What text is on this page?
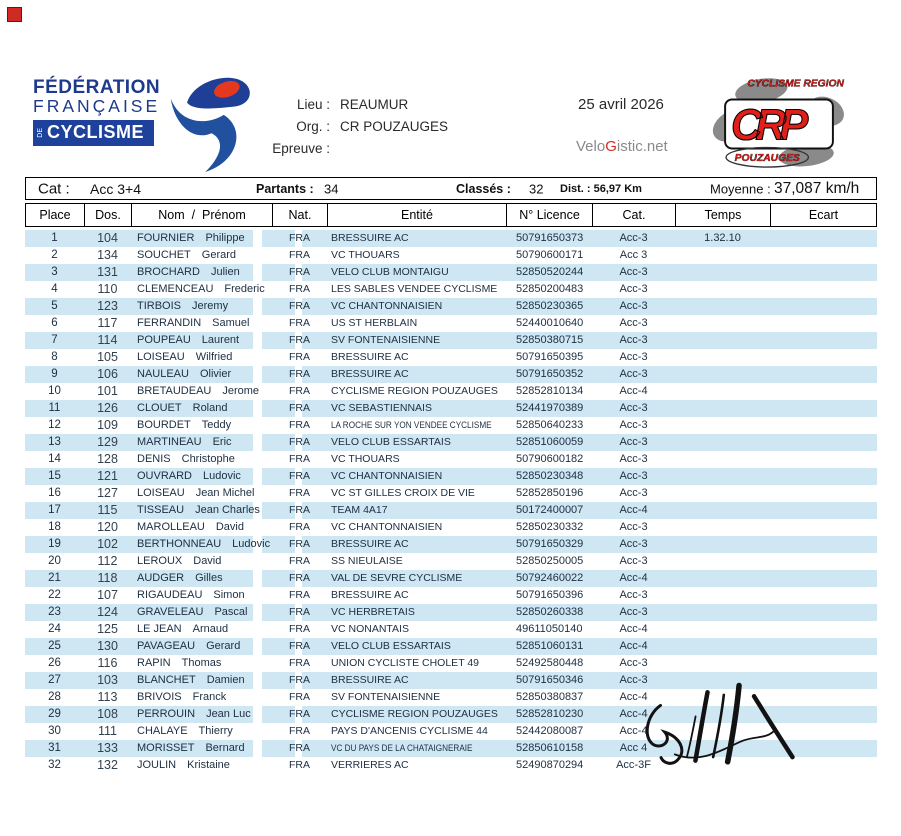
FÉDÉRATION
FRANÇAISE
DE CYCLISME
Lieu : REAUMUR
Org. : CR POUZAUGES
Epreuve :
25 avril 2026
VeloGistic.net CRP
CYCLISME REGION
POUZAUGES
Cat : Acc 3+4	Partants : 34	Classés : 32 Dist. : 56,97 Km	Moyenne : 37,087 km/h
Place	Dos.	Nom  /  Prénom	Nat.	Entité	N° Licence	Cat.	Temps	Ecart
1	104	FOURNIER Philippe	FRA	BRESSUIRE AC	50791650373	Acc-3	1.32.10
2	134	SOUCHET Gerard	FRA	VC THOUARS	50790600171	Acc 3
3	131	BROCHARD Julien	FRA	VELO CLUB MONTAIGU	52850520244	Acc-3
4	110	CLEMENCEAU Frederic	FRA	LES SABLES VENDEE CYCLISME	52850200483	Acc-3
5	123	TIRBOIS Jeremy	FRA	VC CHANTONNAISIEN	52850230365	Acc-3
6	117	FERRANDIN Samuel	FRA	US ST HERBLAIN	52440010640	Acc-3
7	114	POUPEAU Laurent	FRA	SV FONTENAISIENNE	52850380715	Acc-3
8	105	LOISEAU Wilfried	FRA	BRESSUIRE AC	50791650395	Acc-3
9	106	NAULEAU Olivier	FRA	BRESSUIRE AC	50791650352	Acc-3
10	101	BRETAUDEAU Jerome	FRA	CYCLISME REGION POUZAUGES	52852810134	Acc-4
11	126	CLOUET Roland	FRA	VC SEBASTIENNAIS	52441970389	Acc-3
12	109	BOURDET Teddy	FRA	LA ROCHE SUR YON VENDEE CYCLISME	52850640233	Acc-3
13	129	MARTINEAU Eric	FRA	VELO CLUB ESSARTAIS	52851060059	Acc-3
14	128	DENIS Christophe	FRA	VC THOUARS	50790600182	Acc-3
15	121	OUVRARD Ludovic	FRA	VC CHANTONNAISIEN	52850230348	Acc-3
16	127	LOISEAU Jean Michel	FRA	VC ST GILLES CROIX DE VIE	52852850196	Acc-3
17	115	TISSEAU Jean Charles	FRA	TEAM 4A17	50172400007	Acc-4
18	120	MAROLLEAU David	FRA	VC CHANTONNAISIEN	52850230332	Acc-3
19	102	BERTHONNEAU Ludovic	FRA	BRESSUIRE AC	50791650329	Acc-3
20	112	LEROUX David	FRA	SS NIEULAISE	52850250005	Acc-3
21	118	AUDGER Gilles	FRA	VAL DE SEVRE CYCLISME	50792460022	Acc-4
22	107	RIGAUDEAU Simon	FRA	BRESSUIRE AC	50791650396	Acc-3
23	124	GRAVELEAU Pascal	FRA	VC HERBRETAIS	52850260338	Acc-3
24	125	LE JEAN Arnaud	FRA	VC NONANTAIS	49611050140	Acc-4
25	130	PAVAGEAU Gerard	FRA	VELO CLUB ESSARTAIS	52851060131	Acc-4
26	116	RAPIN Thomas	FRA	UNION CYCLISTE CHOLET 49	52492580448	Acc-3
27	103	BLANCHET Damien	FRA	BRESSUIRE AC	50791650346	Acc-3
28	113	BRIVOIS Franck	FRA	SV FONTENAISIENNE	52850380837	Acc-4
29	108	PERROUIN Jean Luc	FRA	CYCLISME REGION POUZAUGES	52852810230	Acc-4
30	111	CHALAYE Thierry	FRA	PAYS D'ANCENIS CYCLISME 44	52442080087	Acc-4
31	133	MORISSET Bernard	FRA	VC DU PAYS DE LA CHATAIGNERAIE	52850610158	Acc 4
32	132	JOULIN Kristaine	FRA	VERRIERES AC	52490870294	Acc-3F
